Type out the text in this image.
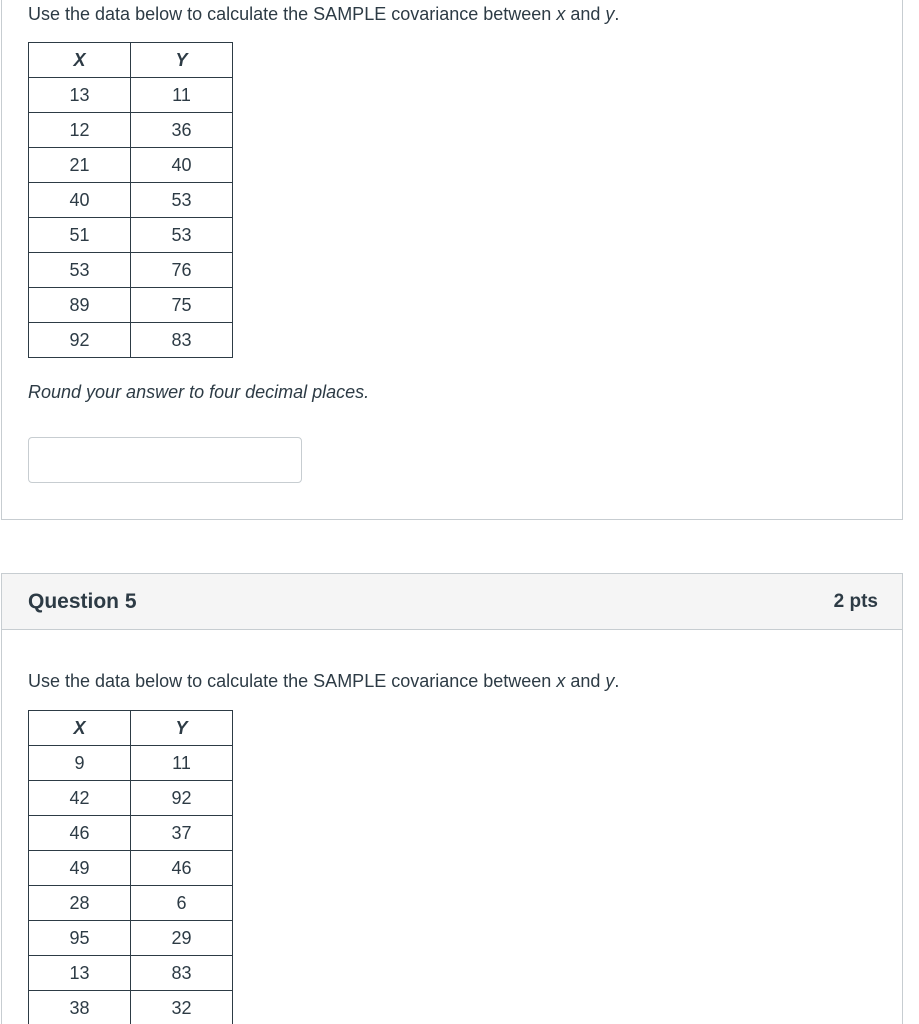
Use the data below to calculate the SAMPLE covariance between x and y.
X	Y
13	11
12	36
21	40
40	53
51	53
53	76
89	75
92	83
Round your answer to four decimal places.
Question 5	2 pts
Use the data below to calculate the SAMPLE covariance between x and y.
X	Y
9	11
42	92
46	37
49	46
28	6
95	29
13	83
38	32
